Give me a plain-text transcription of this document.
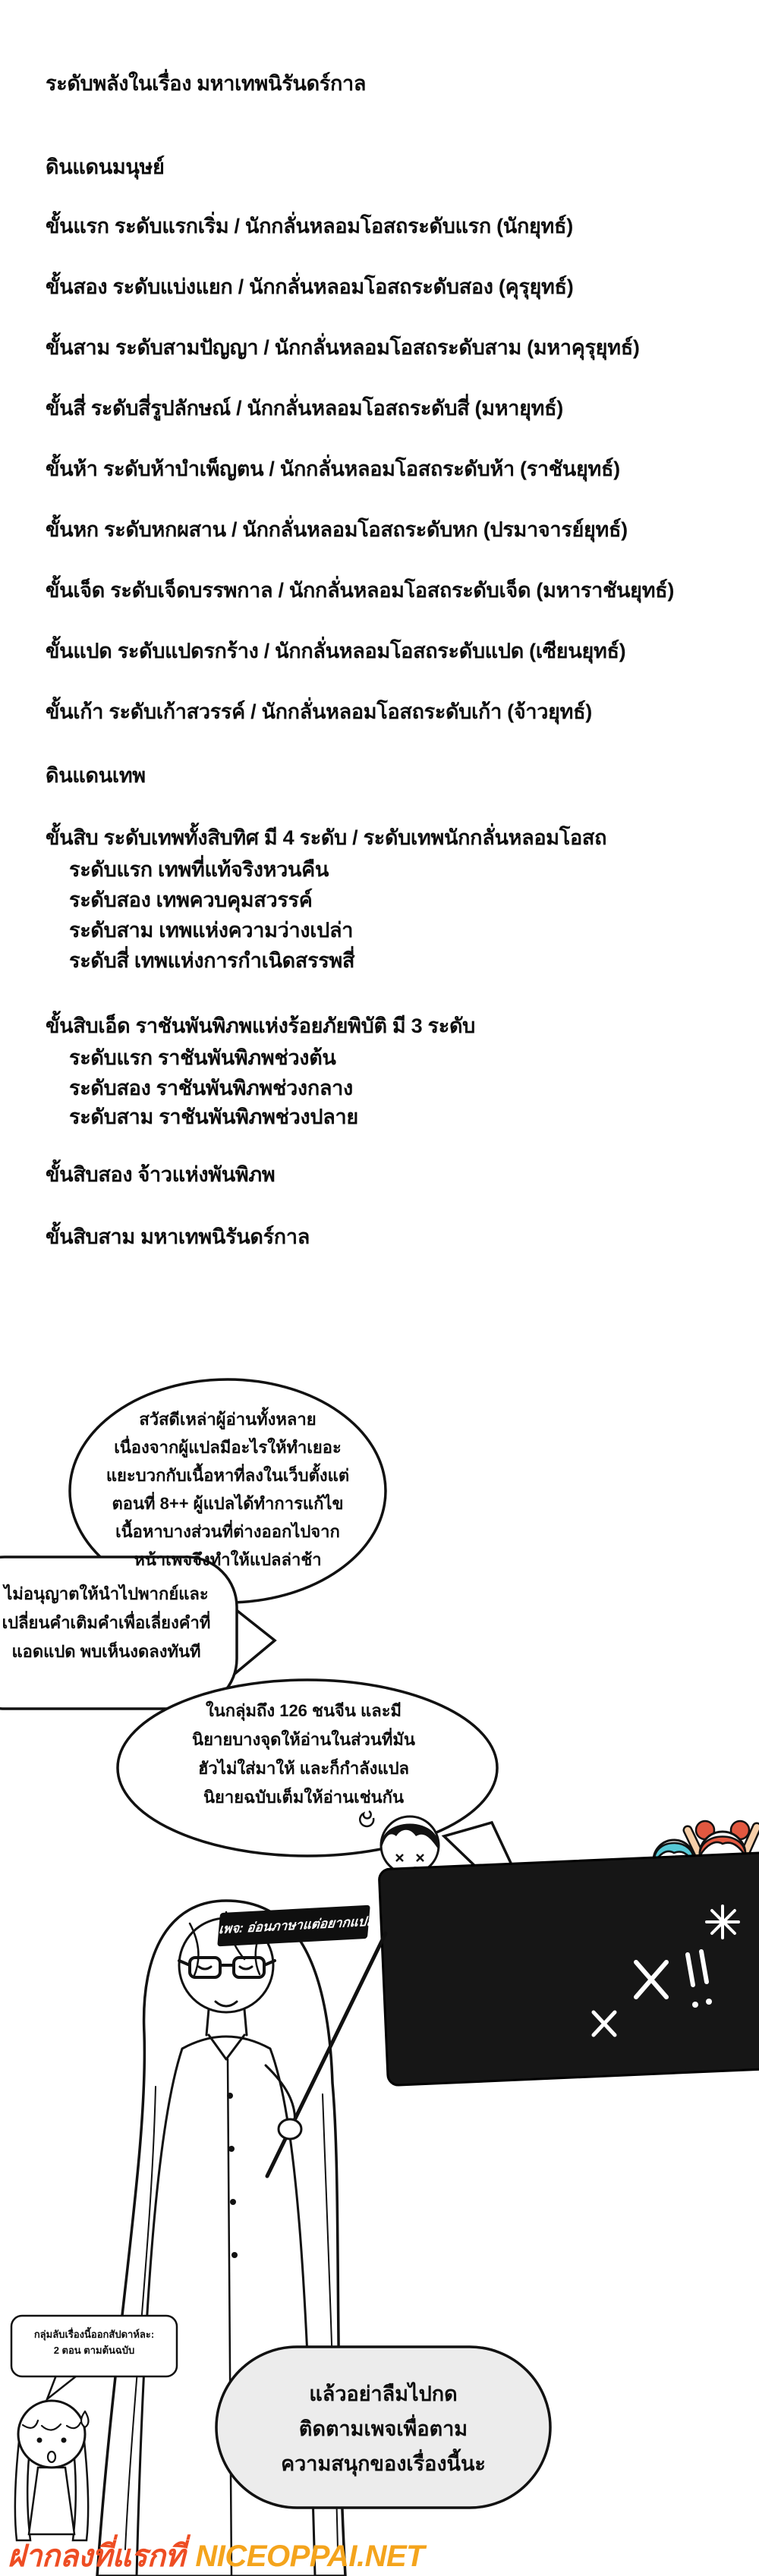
ระดับพลังในเรื่อง มหาเทพนิรันดร์กาล
ดินแดนมนุษย์
ขั้นแรก ระดับแรกเริ่ม / นักกลั่นหลอมโอสถระดับแรก (นักยุทธ์)
ขั้นสอง ระดับแบ่งแยก / นักกลั่นหลอมโอสถระดับสอง (คุรุยุทธ์)
ขั้นสาม ระดับสามปัญญา / นักกลั่นหลอมโอสถระดับสาม (มหาคุรุยุทธ์)
ขั้นสี่ ระดับสี่รูปลักษณ์ / นักกลั่นหลอมโอสถระดับสี่ (มหายุทธ์)
ขั้นห้า ระดับห้าบำเพ็ญตน / นักกลั่นหลอมโอสถระดับห้า (ราชันยุทธ์)
ขั้นหก ระดับหกผสาน / นักกลั่นหลอมโอสถระดับหก (ปรมาจารย์ยุทธ์)
ขั้นเจ็ด ระดับเจ็ดบรรพกาล / นักกลั่นหลอมโอสถระดับเจ็ด (มหาราชันยุทธ์)
ขั้นแปด ระดับแปดรกร้าง / นักกลั่นหลอมโอสถระดับแปด (เซียนยุทธ์)
ขั้นเก้า ระดับเก้าสวรรค์ / นักกลั่นหลอมโอสถระดับเก้า (จ้าวยุทธ์)
ดินแดนเทพ
ขั้นสิบ ระดับเทพทั้งสิบทิศ มี 4 ระดับ / ระดับเทพนักกลั่นหลอมโอสถ
ระดับแรก เทพที่แท้จริงหวนคืน
ระดับสอง เทพควบคุมสวรรค์
ระดับสาม เทพแห่งความว่างเปล่า
ระดับสี่ เทพแห่งการกำเนิดสรรพสี่
ขั้นสิบเอ็ด ราชันพันพิภพแห่งร้อยภัยพิบัติ มี 3 ระดับ
ระดับแรก ราชันพันพิภพช่วงต้น
ระดับสอง ราชันพันพิภพช่วงกลาง
ระดับสาม ราชันพันพิภพช่วงปลาย
ขั้นสิบสอง จ้าวแห่งพันพิภพ
ขั้นสิบสาม มหาเทพนิรันดร์กาล
สวัสดีเหล่าผู้อ่านทั้งหลาย
เนื่องจากผู้แปลมีอะไรให้ทำเยอะ
แยะบวกกับเนื้อหาที่ลงในเว็บตั้งแต่
ตอนที่ 8++ ผู้แปลได้ทำการแก้ไข
เนื้อหาบางส่วนที่ต่างออกไปจาก
หน้าเพจจึงทำให้แปลล่าช้า
ไม่อนุญาตให้นำไปพากย์และ
เปลี่ยนคำเติมคำเพื่อเลี่ยงคำที่
แอดแปด พบเห็นงดลงทันที
ในกลุ่มถึง 126 ชนจีน และมี
นิยายบางจุดให้อ่านในส่วนที่มัน
ฮัวไม่ใส่มาให้ และก็กำลังแปล
นิยายฉบับเต็มให้อ่านเช่นกัน
เพจ: อ่อนภาษาแต่อยากแปล
กลุ่มลับเรื่องนี้ออกสัปดาห์ละ:
2 ตอน ตามต้นฉบับ
แล้วอย่าลืมไปกด
ติดตามเพจเพื่อตาม
ความสนุกของเรื่องนี้นะ
ฝากลงที่แรกที่ NICEOPPAI.NET
